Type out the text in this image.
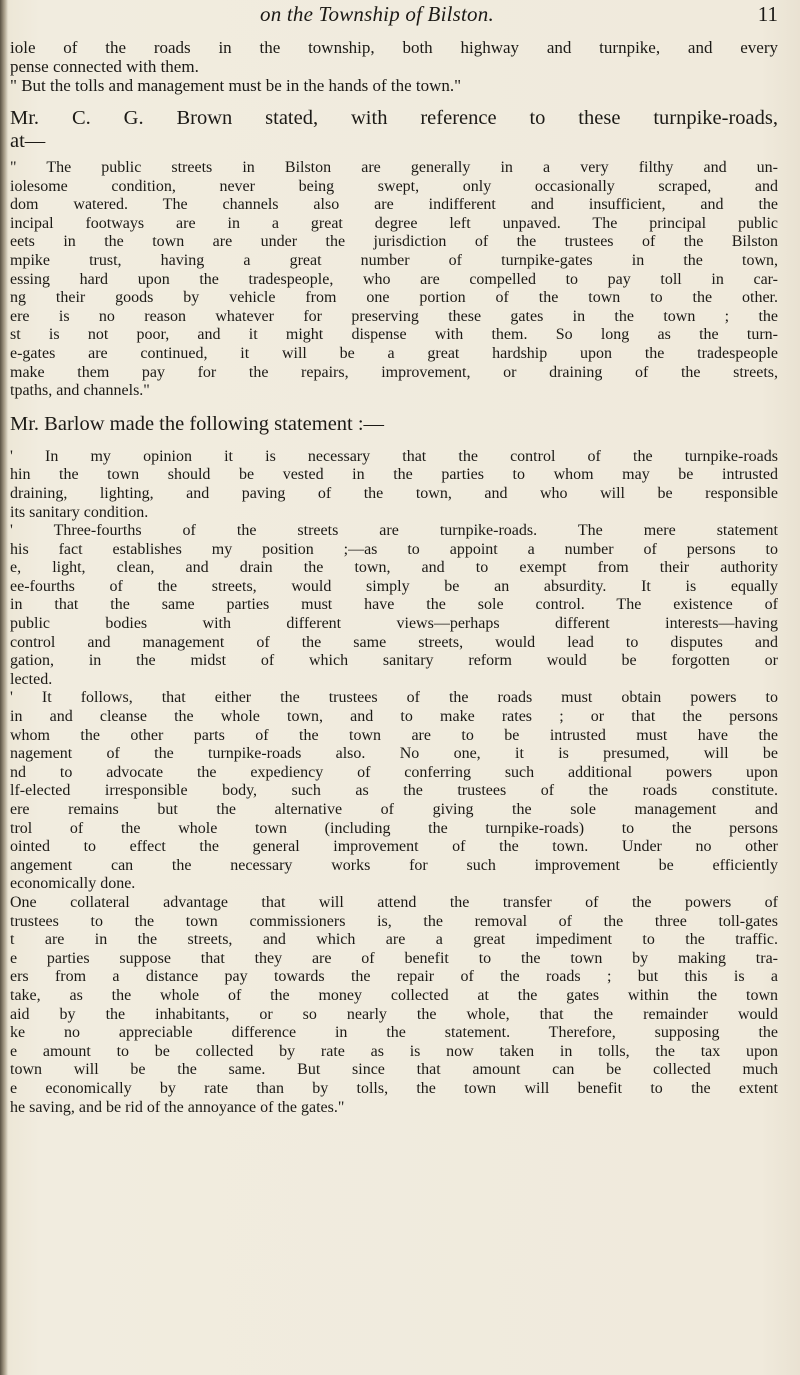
on the Township of Bilston.	11
iole of the roads in the township, both highway and turnpike, and every
pense connected with them.
" But the tolls and management must be in the hands of the town."
Mr. C. G. Brown stated, with reference to these turnpike-roads,
at—
" The public streets in Bilston are generally in a very filthy and un-
iolesome condition, never being swept, only occasionally scraped, and
dom watered. The channels also are indifferent and insufficient, and the
incipal footways are in a great degree left unpaved. The principal public
eets in the town are under the jurisdiction of the trustees of the Bilston
mpike trust, having a great number of turnpike-gates in the town,
essing hard upon the tradespeople, who are compelled to pay toll in car-
ng their goods by vehicle from one portion of the town to the other.
ere is no reason whatever for preserving these gates in the town ; the
st is not poor, and it might dispense with them. So long as the turn-
e-gates are continued, it will be a great hardship upon the tradespeople
make them pay for the repairs, improvement, or draining of the streets,
tpaths, and channels."
Mr. Barlow made the following statement :—
' In my opinion it is necessary that the control of the turnpike-roads
hin the town should be vested in the parties to whom may be intrusted
draining, lighting, and paving of the town, and who will be responsible
its sanitary condition.
' Three-fourths of the streets are turnpike-roads. The mere statement
his fact establishes my position ;—as to appoint a number of persons to
e, light, clean, and drain the town, and to exempt from their authority
ee-fourths of the streets, would simply be an absurdity. It is equally
in that the same parties must have the sole control. The existence of
public bodies with different views—perhaps different interests—having
control and management of the same streets, would lead to disputes and
gation, in the midst of which sanitary reform would be forgotten or
lected.
' It follows, that either the trustees of the roads must obtain powers to
in and cleanse the whole town, and to make rates ; or that the persons
whom the other parts of the town are to be intrusted must have the
nagement of the turnpike-roads also. No one, it is presumed, will be
nd to advocate the expediency of conferring such additional powers upon
lf-elected irresponsible body, such as the trustees of the roads constitute.
ere remains but the alternative of giving the sole management and
trol of the whole town (including the turnpike-roads) to the persons
ointed to effect the general improvement of the town. Under no other
angement can the necessary works for such improvement be efficiently
economically done.
One collateral advantage that will attend the transfer of the powers of
trustees to the town commissioners is, the removal of the three toll-gates
t are in the streets, and which are a great impediment to the traffic.
e parties suppose that they are of benefit to the town by making tra-
ers from a distance pay towards the repair of the roads ; but this is a
take, as the whole of the money collected at the gates within the town
aid by the inhabitants, or so nearly the whole, that the remainder would
ke no appreciable difference in the statement. Therefore, supposing the
e amount to be collected by rate as is now taken in tolls, the tax upon
town will be the same. But since that amount can be collected much
e economically by rate than by tolls, the town will benefit to the extent
he saving, and be rid of the annoyance of the gates."
